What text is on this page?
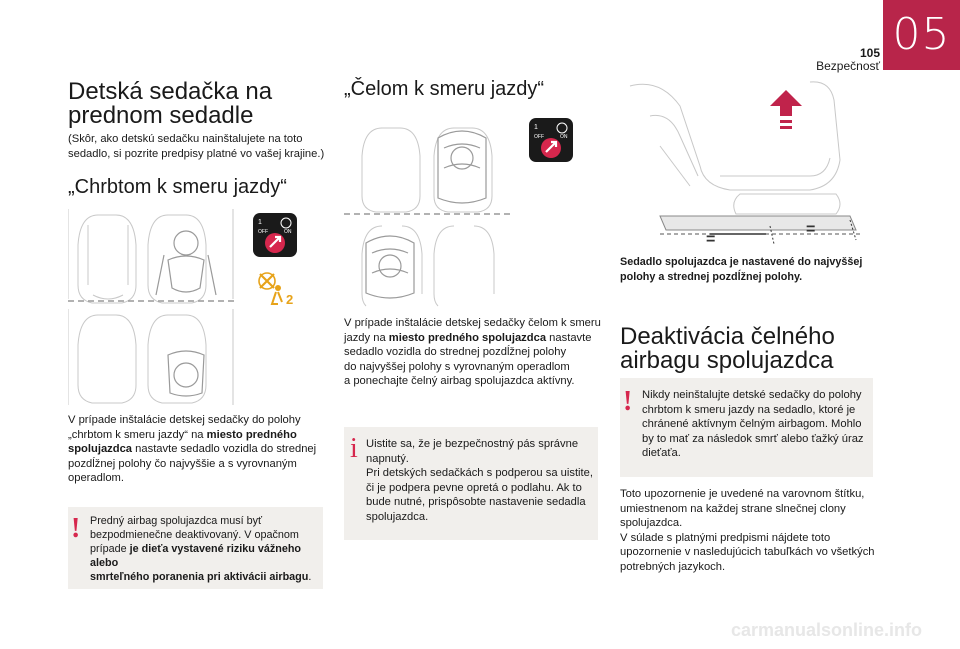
05
105
Bezpečnosť
Detská sedačka na
prednom sedadle
(Skôr, ako detskú sedačku nainštalujete na toto
sedadlo, si pozrite predpisy platné vo vašej krajine.)
„Chrbtom k smeru jazdy“
1
OFF	ON
2
V prípade inštalácie detskej sedačky do polohy
„chrbtom k smeru jazdy“ na miesto predného
spolujazdca nastavte sedadlo vozidla do strednej
pozdĺžnej polohy čo najvyššie a s vyrovnaným
operadlom.
! Predný airbag spolujazdca musí byť
bezpodmienečne deaktivovaný. V opačnom
prípade je dieťa vystavené riziku vážneho alebo
smrteľného poranenia pri aktivácii airbagu.
„Čelom k smeru jazdy“
1
OFF	ON
V prípade inštalácie detskej sedačky čelom k smeru
jazdy na miesto predného spolujazdca nastavte
sedadlo vozidla do strednej pozdĺžnej polohy
do najvyššej polohy s vyrovnaným operadlom
a ponechajte čelný airbag spolujazdca aktívny.
i Uistite sa, že je bezpečnostný pás správne
napnutý.
Pri detských sedačkách s podperou sa uistite,
či je podpera pevne opretá o podlahu. Ak to
bude nutné, prispôsobte nastavenie sedadla
spolujazdca.
=
=
Sedadlo spolujazdca je nastavené do najvyššej
polohy a strednej pozdĺžnej polohy.
Deaktivácia čelného
airbagu spolujazdca
! Nikdy neinštalujte detské sedačky do polohy
chrbtom k smeru jazdy na sedadlo, ktoré je
chránené aktívnym čelným airbagom. Mohlo
by to mať za následok smrť alebo ťažký úraz
dieťaťa.
Toto upozornenie je uvedené na varovnom štítku,
umiestnenom na každej strane slnečnej clony
spolujazdca.
V súlade s platnými predpismi nájdete toto
upozornenie v nasledujúcich tabuľkách vo všetkých
potrebných jazykoch.
carmanualsonline.info
